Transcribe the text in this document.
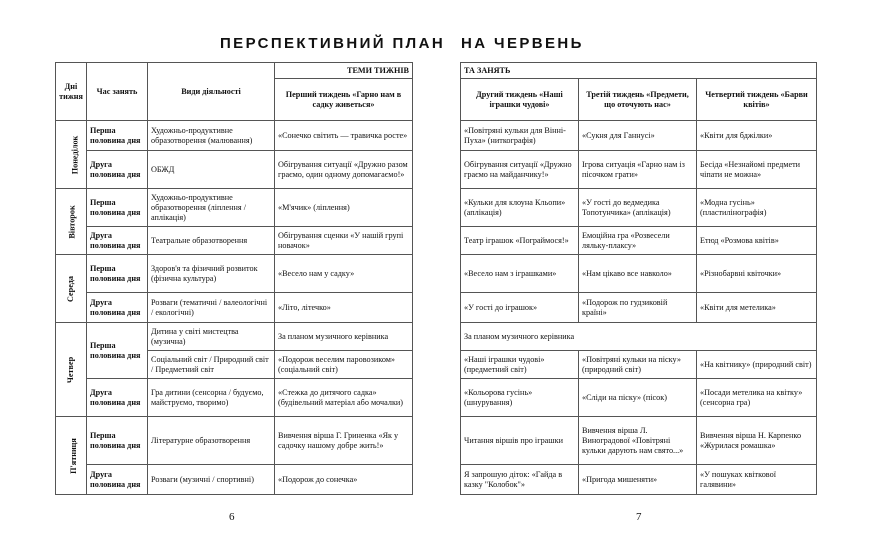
ПЕРСПЕКТИВНИЙ ПЛАН НА ЧЕРВЕНЬ
Дні тижня	Час занять	Види діяльності	ТЕМИ ТИЖНІВ
			Перший тиждень «Гарно нам в садку живеться»
Понеділок	Перша половина дня	Художньо-продуктивне образотворення (малювання)	«Сонечко світить — травичка росте»
	Друга половина дня	ОБЖД	Обігрування ситуації «Дружно разом граємо, один одному допомагаємо!»
Вівторок	Перша половина дня	Художньо-продуктивне образотворення (ліплення / аплікація)	«М'ячик» (ліплення)
	Друга половина дня	Театральне образотворення	Обігрування сценки «У нашій групі новачок»
Середа	Перша половина дня	Здоров'я та фізичний розвиток (фізична культура)	«Весело нам у садку»
	Друга половина дня	Розваги (тематичні / валеологічні / екологічні)	«Літо, літечко»
Четвер	Перша половина дня	Дитина у світі мистецтва (музична)	За планом музичного керівника
		Соціальний світ / Природний світ / Предметний світ	«Подорож веселим паровозиком» (соціальний світ)
	Друга половина дня	Гра дитини (сенсорна / будуємо, майструємо, творимо)	«Стежка до дитячого садка» (будівельний матеріал або мочалки)
П'ятниця	Перша половина дня	Літературне образотворення	Вивчення вірша Г. Гриненка «Як у садочку нашому добре жить!»
	Друга половина дня	Розваги (музичні / спортивні)	«Подорож до сонечка»
ТА ЗАНЯТЬ		
Другий тиждень «Наші іграшки чудові»	Третій тиждень «Предмети, що оточують нас»	Четвертий тиждень «Барви квітів»
«Повітряні кульки для Вінні-Пуха» (ниткографія)	«Сукня для Ганнусі»	«Квіти для бджілки»
Обігрування ситуації «Дружно граємо на майданчику!»	Ігрова ситуація «Гарно нам із пісочком грати»	Бесіда «Незнайомі предмети чіпати не можна»
«Кульки для клоуна Кльопи» (аплікація)	«У гості до ведмедика Топотунчика» (аплікація)	«Модна гусінь» (пластилінографія)
Театр іграшок «Пограймося!»	Емоційна гра «Розвесели ляльку-плаксу»	Етюд «Розмова квітів»
«Весело нам з іграшками»	«Нам цікаво все навколо»	«Різнобарвні квіточки»
«У гості до іграшок»	«Подорож по гудзиковій країні»	«Квіти для метелика»
За планом музичного керівника		
«Наші іграшки чудові» (предметний світ)	«Повітряні кульки на піску» (природний світ)	«На квітнику» (природний світ)
«Кольорова гусінь» (шнурування)	«Сліди на піску» (пісок)	«Посади метелика на квітку» (сенсорна гра)
Читання віршів про іграшки	Вивчення вірша Л. Виноградової «Повітряні кульки дарують нам свято...»	Вивчення вірша Н. Карпенко «Журилася ромашка»
Я запрошую діток: «Гайда в казку "Колобок"»	«Пригода мишеняти»	«У пошуках квіткової галявини»
6	7
